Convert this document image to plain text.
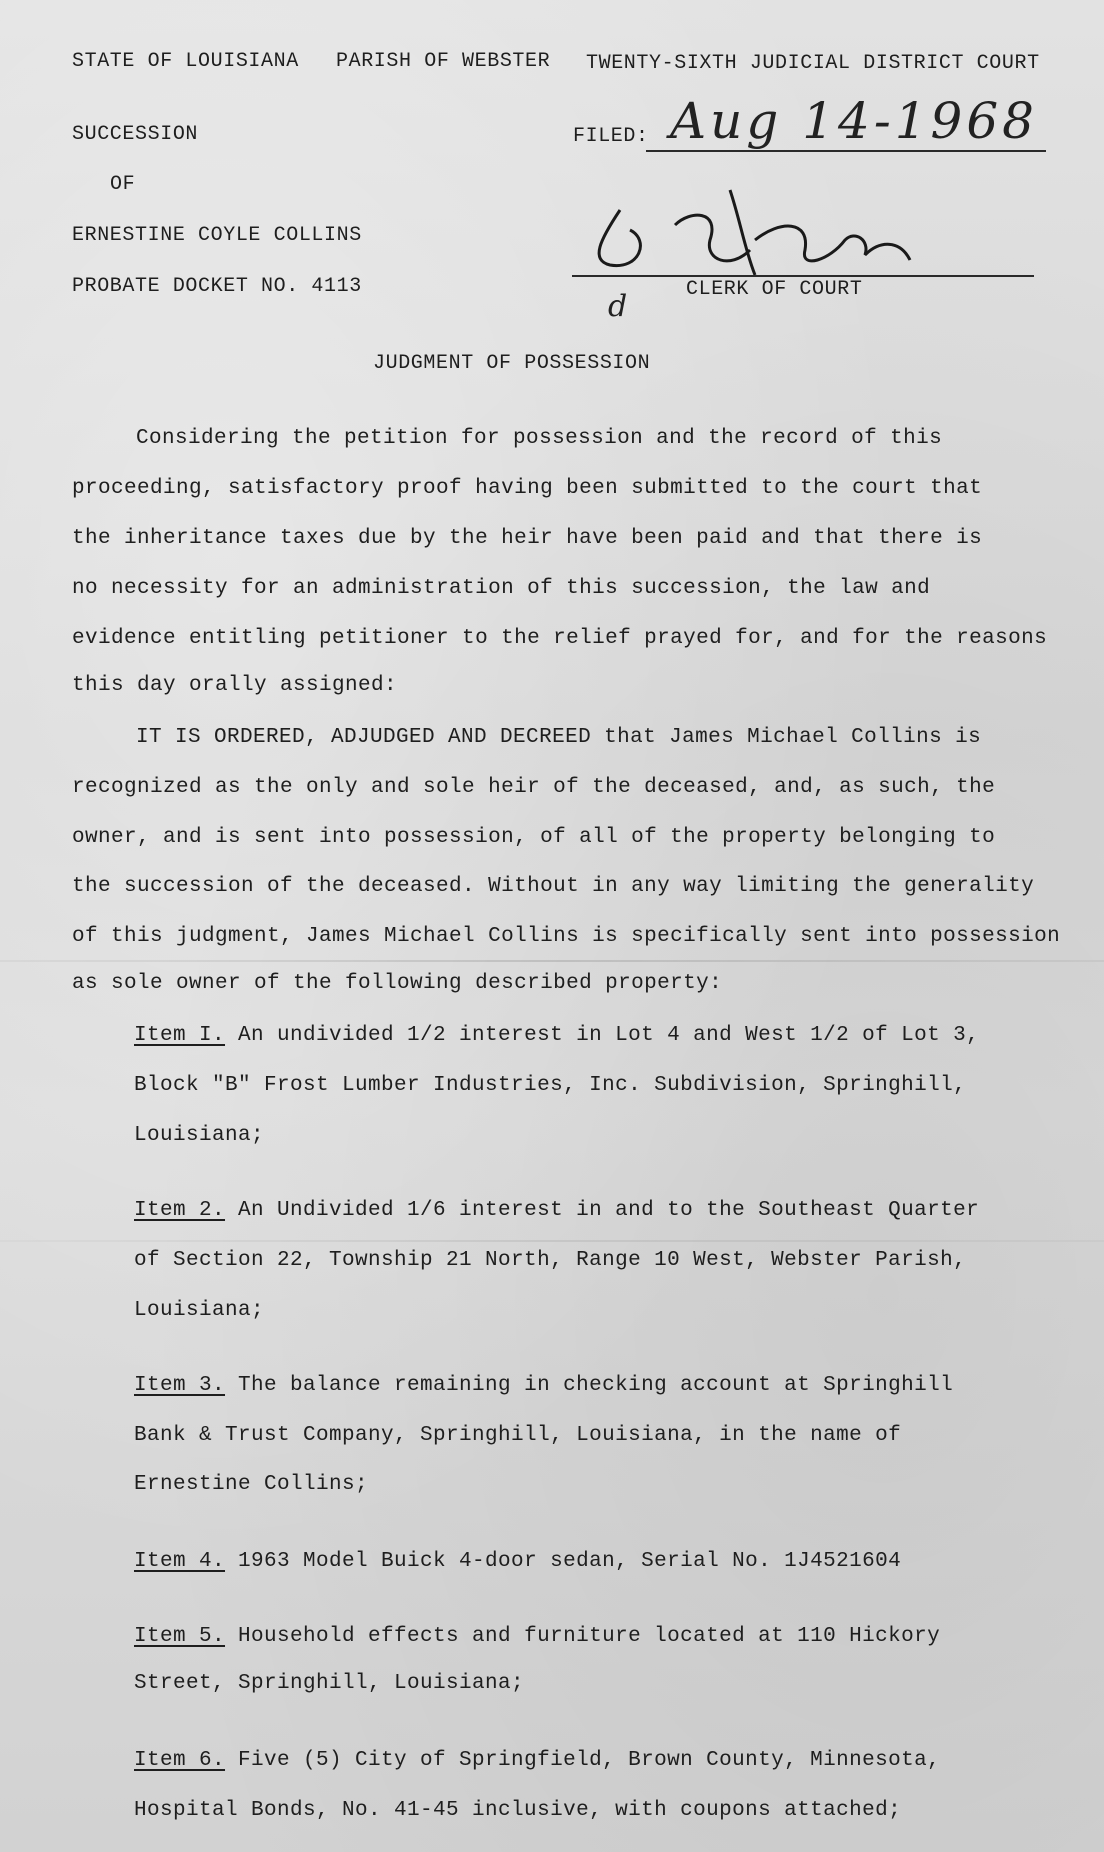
STATE OF LOUISIANA PARISH OF WEBSTER TWENTY-SIXTH JUDICIAL DISTRICT COURT
SUCCESSION
OF
ERNESTINE COYLE COLLINS
PROBATE DOCKET NO. 4113
FILED: Aug 14-1968
CLERK OF COURT
d
JUDGMENT OF POSSESSION
Considering the petition for possession and the record of this
proceeding, satisfactory proof having been submitted to the court that
the inheritance taxes due by the heir have been paid and that there is
no necessity for an administration of this succession, the law and
evidence entitling petitioner to the relief prayed for, and for the reasons
this day orally assigned:
IT IS ORDERED, ADJUDGED AND DECREED that James Michael Collins is
recognized as the only and sole heir of the deceased, and, as such, the
owner, and is sent into possession, of all of the property belonging to
the succession of the deceased. Without in any way limiting the generality
of this judgment, James Michael Collins is specifically sent into possession
as sole owner of the following described property:
Item I. An undivided 1/2 interest in Lot 4 and West 1/2 of Lot 3,
Block "B" Frost Lumber Industries, Inc. Subdivision, Springhill,
Louisiana;
Item 2. An Undivided 1/6 interest in and to the Southeast Quarter
of Section 22, Township 21 North, Range 10 West, Webster Parish,
Louisiana;
Item 3. The balance remaining in checking account at Springhill
Bank & Trust Company, Springhill, Louisiana, in the name of
Ernestine Collins;
Item 4. 1963 Model Buick 4-door sedan, Serial No. 1J4521604
Item 5. Household effects and furniture located at 110 Hickory
Street, Springhill, Louisiana;
Item 6. Five (5) City of Springfield, Brown County, Minnesota,
Hospital Bonds, No. 41-45 inclusive, with coupons attached;
